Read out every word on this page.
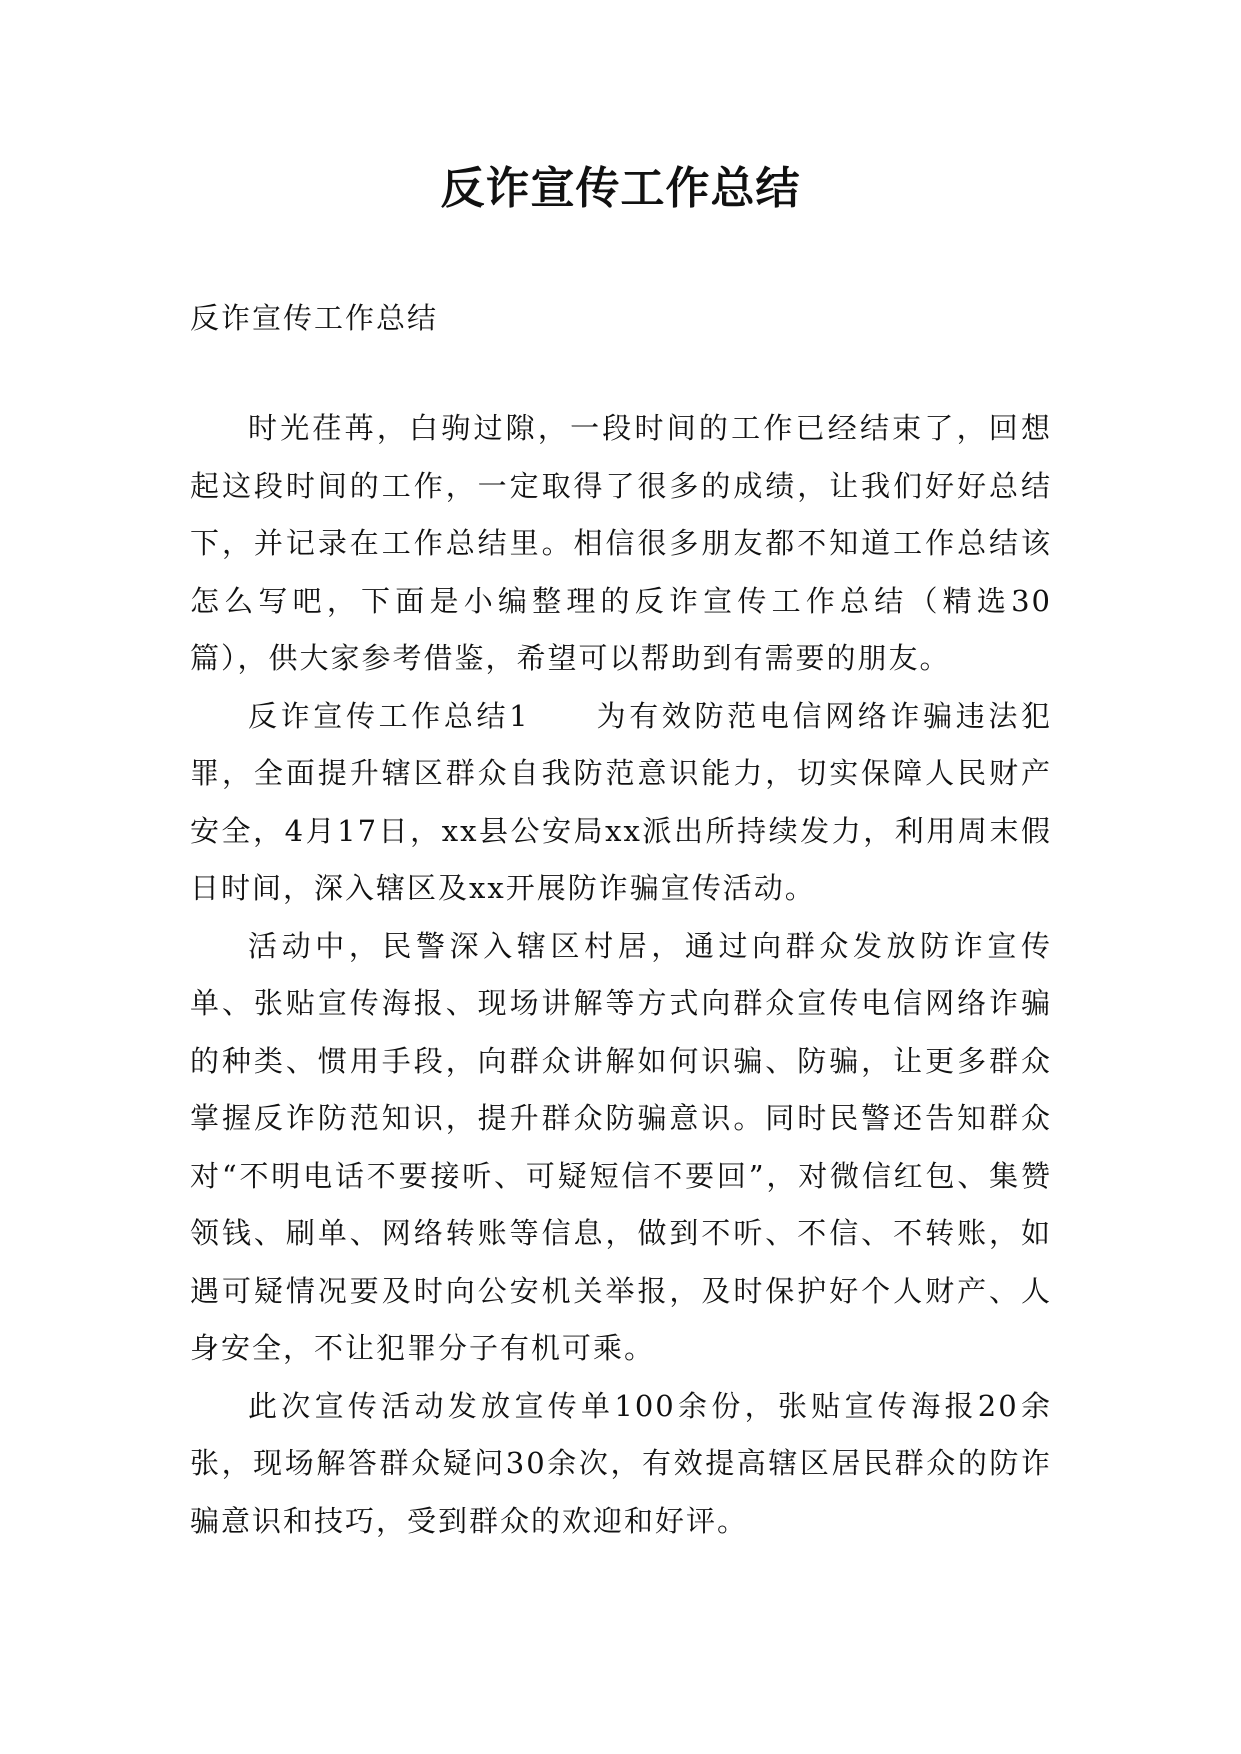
反诈宣传工作总结
反诈宣传工作总结

时光荏苒，白驹过隙，一段时间的工作已经结束了，回想起这段时间的工作，一定取得了很多的成绩，让我们好好总结下，并记录在工作总结里。相信很多朋友都不知道工作总结该怎么写吧，下面是小编整理的反诈宣传工作总结（精选30篇），供大家参考借鉴，希望可以帮助到有需要的朋友。

反诈宣传工作总结1　　为有效防范电信网络诈骗违法犯罪，全面提升辖区群众自我防范意识能力，切实保障人民财产安全，4月17日，xx县公安局xx派出所持续发力，利用周末假日时间，深入辖区及xx开展防诈骗宣传活动。

活动中，民警深入辖区村居，通过向群众发放防诈宣传单、张贴宣传海报、现场讲解等方式向群众宣传电信网络诈骗的种类、惯用手段，向群众讲解如何识骗、防骗，让更多群众掌握反诈防范知识，提升群众防骗意识。同时民警还告知群众对“不明电话不要接听、可疑短信不要回”，对微信红包、集赞领钱、刷单、网络转账等信息，做到不听、不信、不转账，如遇可疑情况要及时向公安机关举报，及时保护好个人财产、人身安全，不让犯罪分子有机可乘。

此次宣传活动发放宣传单100余份，张贴宣传海报20余张，现场解答群众疑问30余次，有效提高辖区居民群众的防诈骗意识和技巧，受到群众的欢迎和好评。
